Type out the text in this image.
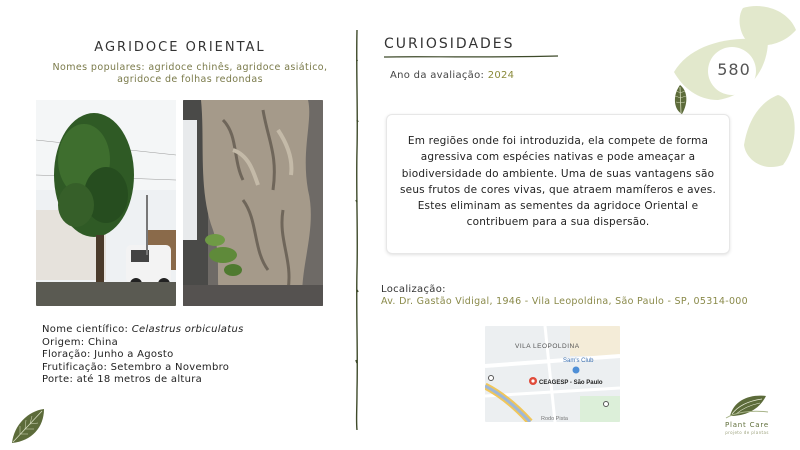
580
AGRIDOCE ORIENTAL
Nomes populares: agridoce chinês, agridoce asiático, agridoce de folhas redondas
Nome científico: Celastrus orbiculatus
Origem: China
Floração: Junho a Agosto
Frutificação: Setembro a Novembro
Porte: até 18 metros de altura
CURIOSIDADES
Ano da avaliação: 2024
Em regiões onde foi introduzida, ela compete de forma agressiva com espécies nativas e pode ameaçar a biodiversidade do ambiente. Uma de suas vantagens são seus frutos de cores vivas, que atraem mamíferos e aves. Estes eliminam as sementes da agridoce Oriental e contribuem para a sua dispersão.
Localização:
Av. Dr. Gastão Vidigal, 1946 - Vila Leopoldina, São Paulo - SP, 05314-000
VILA LEOPOLDINA
Sam's Club
CEAGESP - São Paulo
Rodo Pista
Plant Care
projeto de plantas
